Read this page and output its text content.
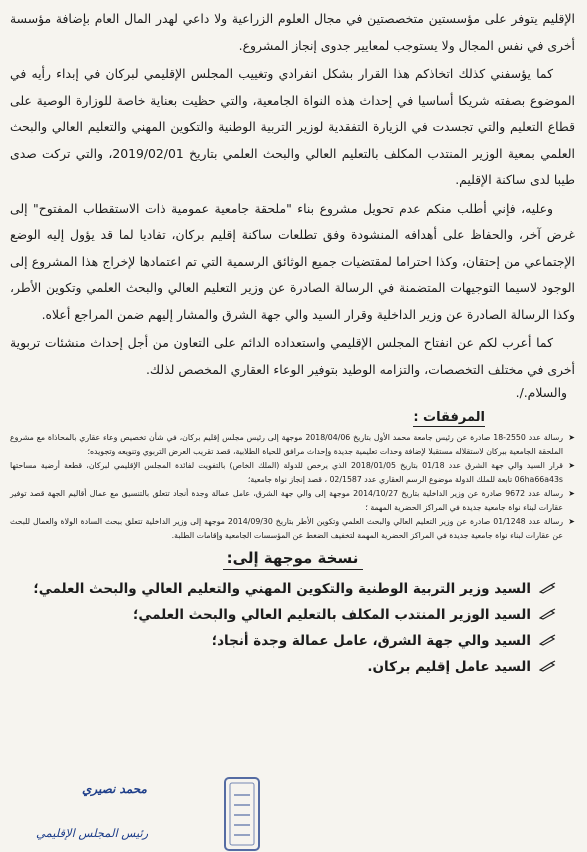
الإقليم يتوفر على مؤسستين متخصصتين في مجال العلوم الزراعية ولا داعي لهدر المال العام بإضافة مؤسسة أخرى في نفس المجال ولا يستوجب لمعايير جدوى إنجاز المشروع.

كما يؤسفني كذلك اتخاذكم هذا القرار بشكل انفرادي وتغييب المجلس الإقليمي لبركان في إبداء رأيه في الموضوع بصفته شريكا أساسيا في إحداث هذه النواة الجامعية، والتي حظيت بعناية خاصة للوزارة الوصية على قطاع التعليم والتي تجسدت في الزيارة التفقدية لوزير التربية الوطنية والتكوين المهني والتعليم العالي والبحث العلمي بمعية الوزير المنتدب المكلف بالتعليم العالي والبحث العلمي بتاريخ 2019/02/01، والتي تركت صدى طيبا لدى ساكنة الإقليم.

وعليه، فإني أطلب منكم عدم تحويل مشروع بناء "ملحقة جامعية عمومية ذات الاستقطاب المفتوح" إلى غرض آخر، والحفاظ على أهدافه المنشودة وفق تطلعات ساكنة إقليم بركان، تفاديا لما قد يؤول إليه الوضع الإجتماعي من إحتقان، وكذا احتراما لمقتضيات جميع الوثائق الرسمية التي تم اعتمادها لإخراج هذا المشروع إلى الوجود لاسيما التوجيهات المتضمنة في الرسالة الصادرة عن وزير التعليم العالي والبحث العلمي وتكوين الأطر، وكذا الرسالة الصادرة عن وزير الداخلية وقرار السيد والي جهة الشرق والمشار إليهم ضمن المراجع أعلاه.

كما أعرب لكم عن انفتاح المجلس الإقليمي واستعداده الدائم على التعاون من أجل إحداث منشئات تربوية أخرى في مختلف التخصصات، والتزامه الوطيد بتوفير الوعاء العقاري المخصص لذلك.

والسلام./.

المرفقات :
➤
رسالة عدد 2550-18 صادرة عن رئيس جامعة محمد الأول بتاريخ 2018/04/06 موجهة إلى رئيس مجلس إقليم بركان، في شأن تخصيص وعاء عقاري بالمحاذاة مع مشروع الملحقة الجامعية ببركان لاستقلاله مستقبلا لإضافة وحدات تعليمية جديدة وإحداث مرافق للحياة الطلابية، قصد تقريب العرض التربوي وتنويعه وتجويده؛
➤
قرار السيد والي جهة الشرق عدد 01/18 بتاريخ 2018/01/05 الذي يرخص للدولة (الملك الخاص) بالتفويت لفائدة المجلس الإقليمي لبركان، قطعة أرضية مساحتها 06ha66a43s تابعة للملك الدولة موضوع الرسم العقاري عدد 02/1587 ، قصد إنجاز نواة جامعية؛
➤
رسالة عدد 9672 صادرة عن وزير الداخلية بتاريخ 2014/10/27 موجهة إلى والي جهة الشرق، عامل عمالة وجدة أنجاد تتعلق بالتنسيق مع عمال أقاليم الجهة قصد توفير عقارات لبناء نواة جامعية جديدة في المراكز الحضرية المهمة ؛
➤
رسالة عدد 01/1248 صادرة عن وزير التعليم العالي والبحث العلمي وتكوين الأطر بتاريخ 2014/09/30 موجهة إلى وزير الداخلية تتعلق ببحث السادة الولاة والعمال للبحث عن عقارات لبناء نواة جامعية جديدة في المراكز الحضرية المهمة لتخفيف الضغط عن المؤسسات الجامعية وإقامات الطلبة.
نسخة موجهة إلى:
السيد وزير التربية الوطنية والتكوين المهني والتعليم العالي والبحث العلمي؛
السيد الوزير المنتدب المكلف بالتعليم العالي والبحث العلمي؛
السيد والي جهة الشرق، عامل عمالة وجدة أنجاد؛
السيد عامل إقليم بركان.
محمد نصيري
رئيس المجلس الإقليمي
